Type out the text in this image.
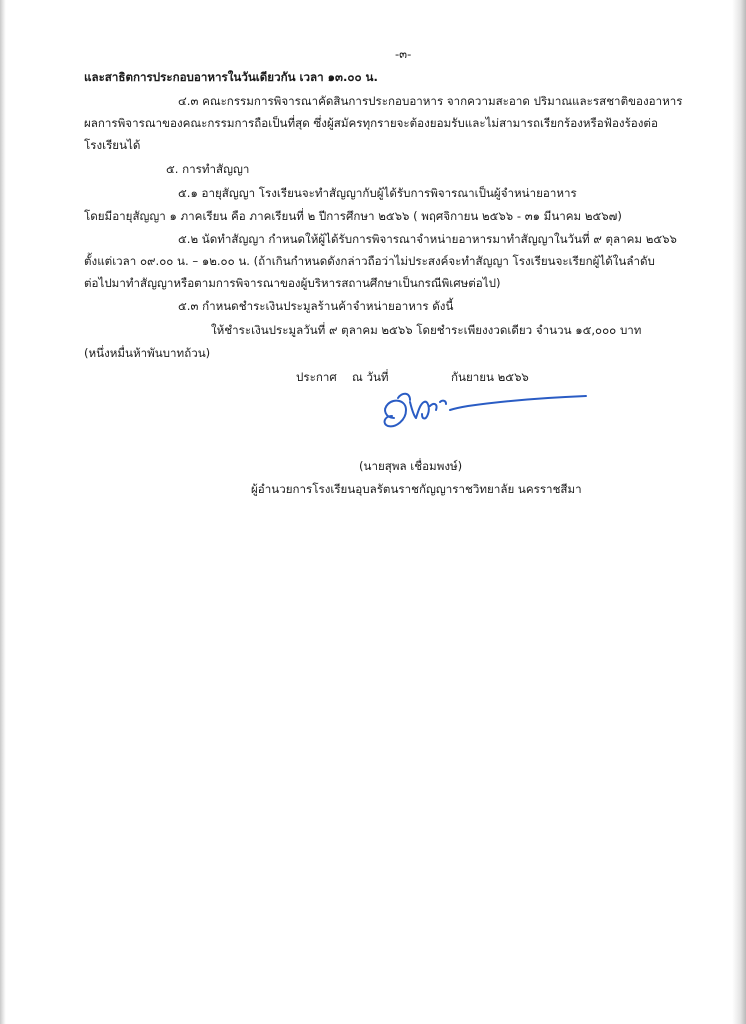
-๓-
และสาธิตการประกอบอาหารในวันเดียวกัน เวลา ๑๓.๐๐ น.
๔.๓ คณะกรรมการพิจารณาคัดสินการประกอบอาหาร จากความสะอาด ปริมาณและรสชาติของอาหาร
ผลการพิจารณาของคณะกรรมการถือเป็นที่สุด ซึ่งผู้สมัครทุกรายจะต้องยอมรับและไม่สามารถเรียกร้องหรือฟ้องร้องต่อ
โรงเรียนได้
๕. การทำสัญญา
๕.๑ อายุสัญญา โรงเรียนจะทำสัญญากับผู้ได้รับการพิจารณาเป็นผู้จำหน่ายอาหาร
โดยมีอายุสัญญา ๑ ภาคเรียน คือ ภาคเรียนที่ ๒ ปีการศึกษา ๒๕๖๖ ( พฤศจิกายน ๒๕๖๖ - ๓๑ มีนาคม ๒๕๖๗)
๕.๒ นัดทำสัญญา กำหนดให้ผู้ได้รับการพิจารณาจำหน่ายอาหารมาทำสัญญาในวันที่ ๙ ตุลาคม ๒๕๖๖
ตั้งแต่เวลา ๐๙.๐๐ น. – ๑๒.๐๐ น. (ถ้าเกินกำหนดดังกล่าวถือว่าไม่ประสงค์จะทำสัญญา โรงเรียนจะเรียกผู้ได้ในลำดับ
ต่อไปมาทำสัญญาหรือตามการพิจารณาของผู้บริหารสถานศึกษาเป็นกรณีพิเศษต่อไป)
๕.๓ กำหนดชำระเงินประมูลร้านค้าจำหน่ายอาหาร ดังนี้
ให้ชำระเงินประมูลวันที่ ๙ ตุลาคม ๒๕๖๖ โดยชำระเพียงงวดเดียว จำนวน ๑๕,๐๐๐ บาท
(หนึ่งหมื่นห้าพันบาทถ้วน)
ประกาศ ณ วันที่	กันยายน ๒๕๖๖
(นายสุพล เชื่อมพงษ์)
ผู้อำนวยการโรงเรียนอุบลรัตนราชกัญญาราชวิทยาลัย นครราชสีมา
